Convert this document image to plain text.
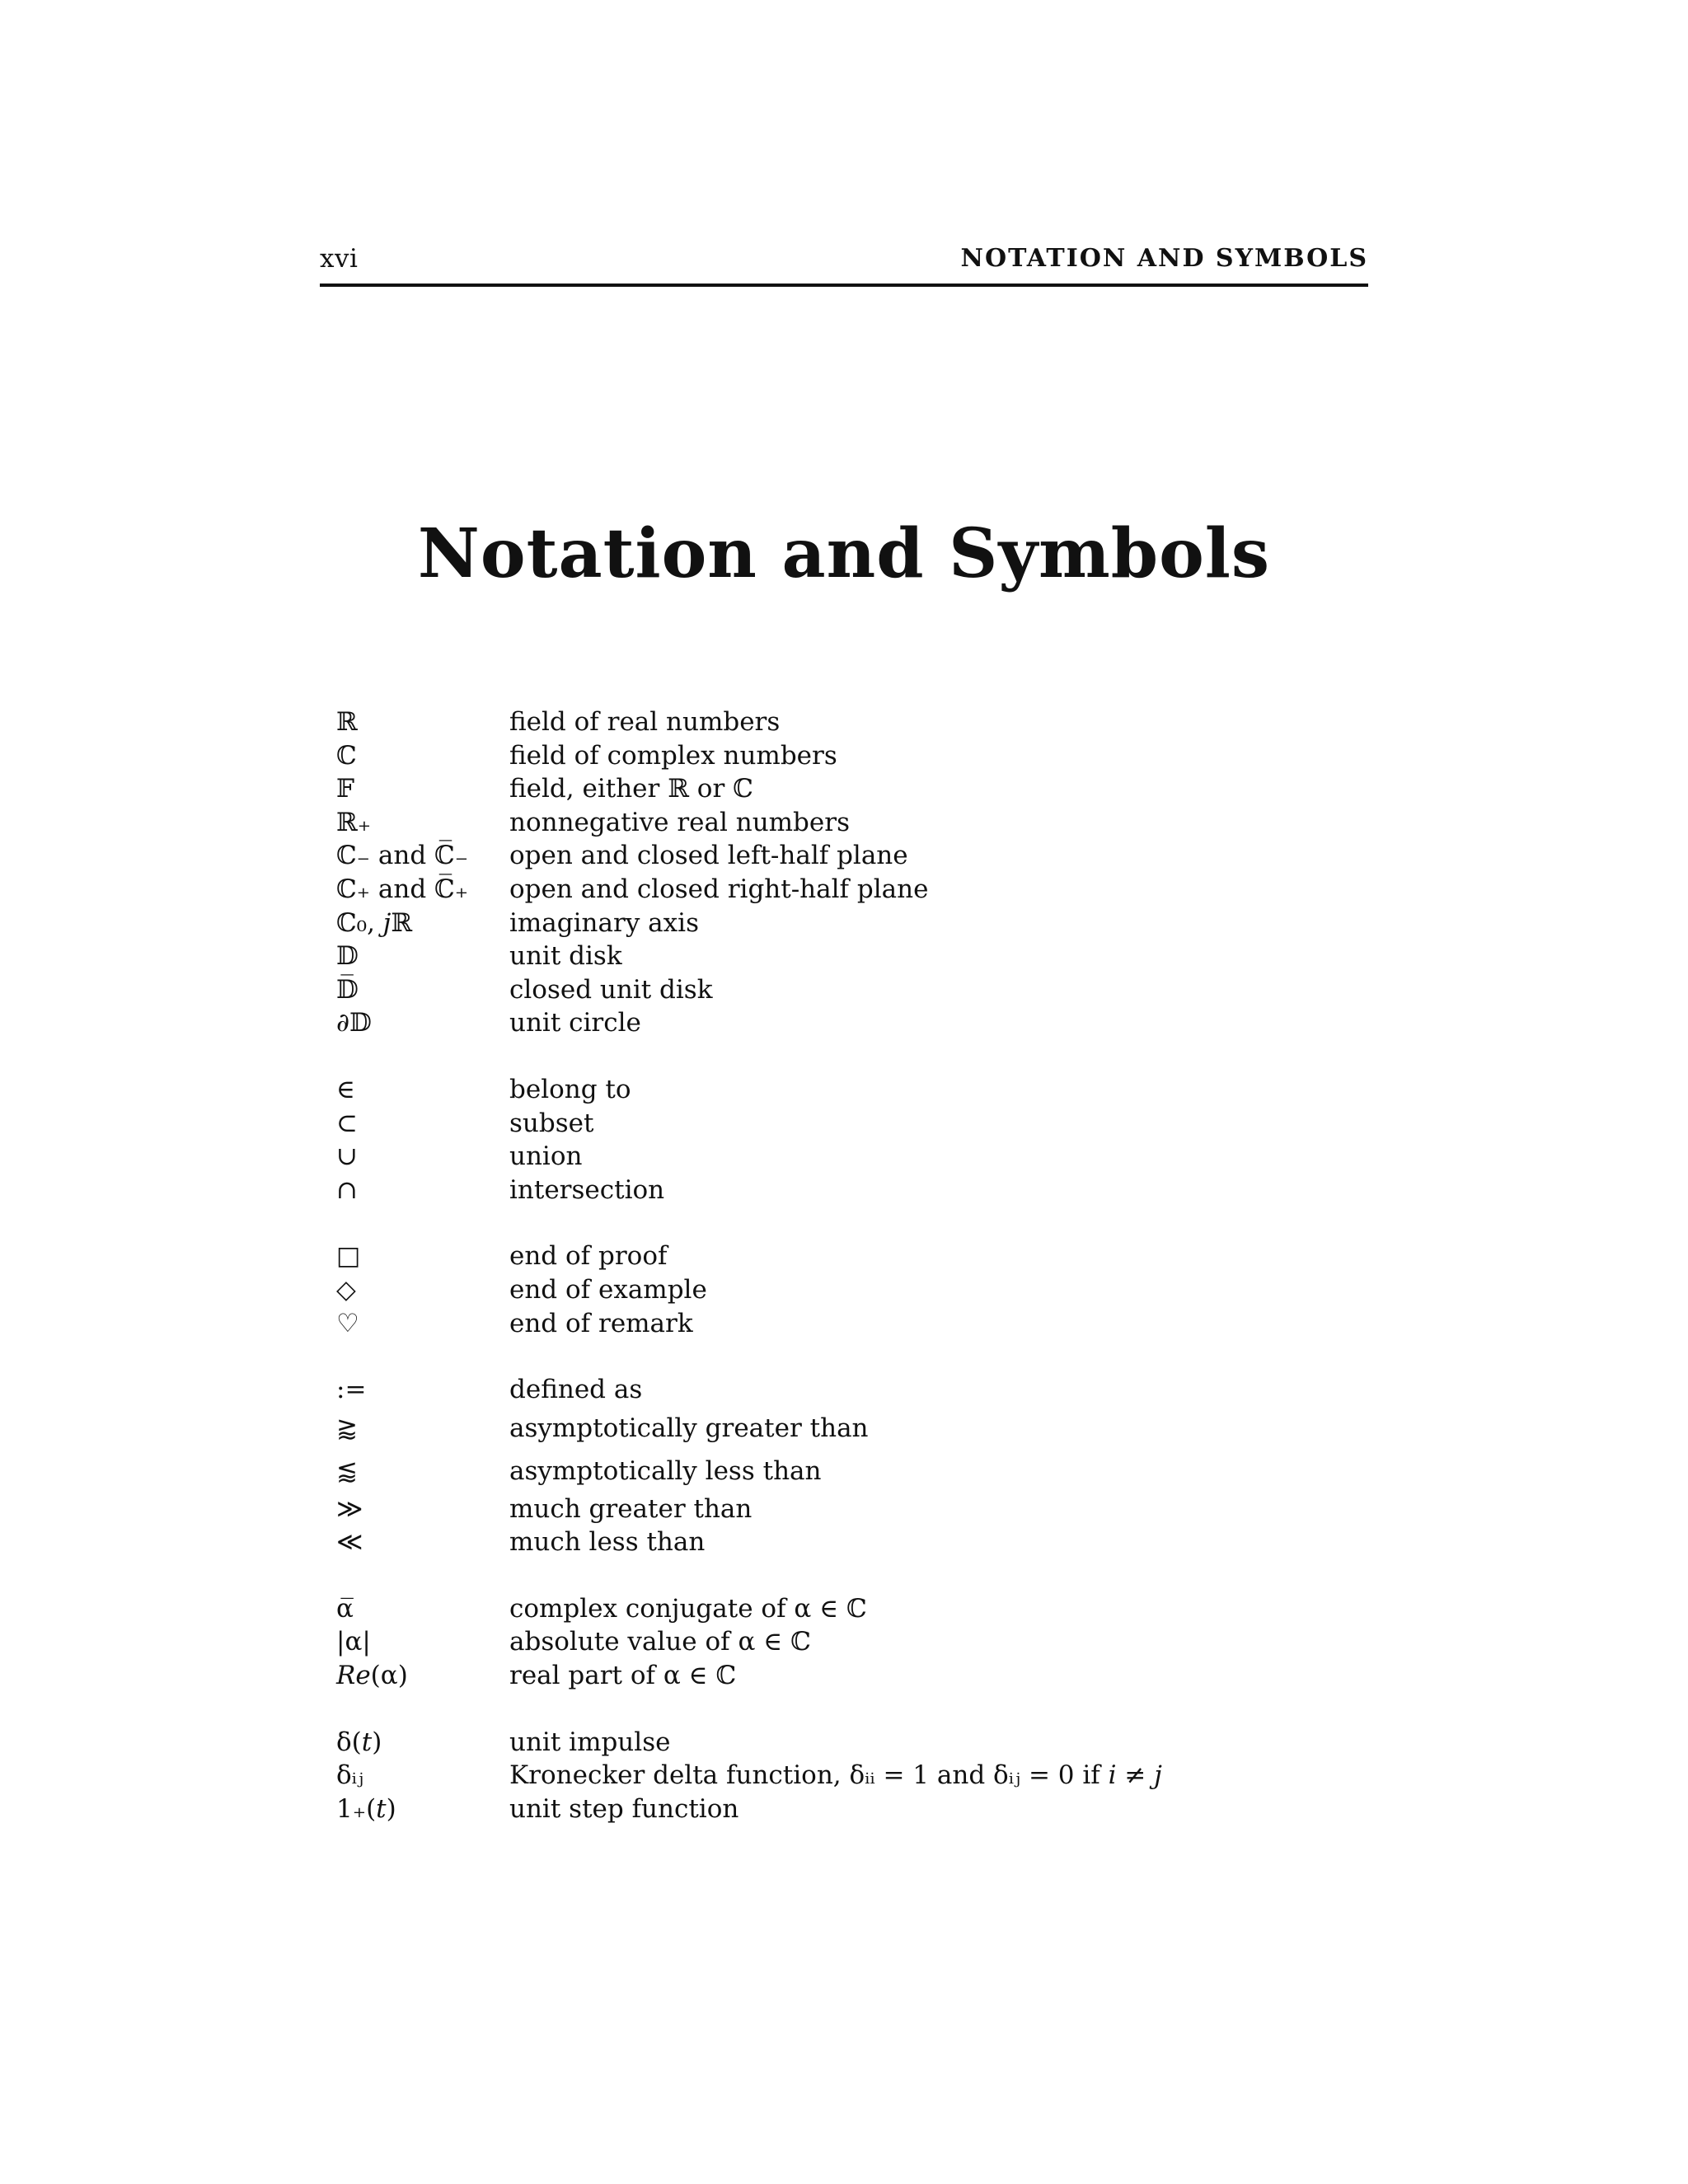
xvi	NOTATION AND SYMBOLS
Notation and Symbols
ℝ	field of real numbers
ℂ	field of complex numbers
𝔽	field, either ℝ or ℂ
ℝ₊	nonnegative real numbers
ℂ₋ and ℂ̅₋	open and closed left-half plane
ℂ₊ and ℂ̅₊	open and closed right-half plane
ℂ₀, 𝑗ℝ	imaginary axis
𝔻	unit disk
𝔻̅	closed unit disk
∂𝔻	unit circle
∈	belong to
⊂	subset
∪	union
∩	intersection
□	end of proof
◇	end of example
♡	end of remark
:=	defined as
⪆	asymptotically greater than
⪅	asymptotically less than
≫	much greater than
≪	much less than
α̅	complex conjugate of α ∈ ℂ
|α|	absolute value of α ∈ ℂ
𝑅𝑒(α)	real part of α ∈ ℂ
δ(𝑡)	unit impulse
δᵢⱼ	Kronecker delta function, δᵢᵢ = 1 and δᵢⱼ = 0 if 𝑖 ≠ 𝑗
1₊(𝑡)	unit step function
